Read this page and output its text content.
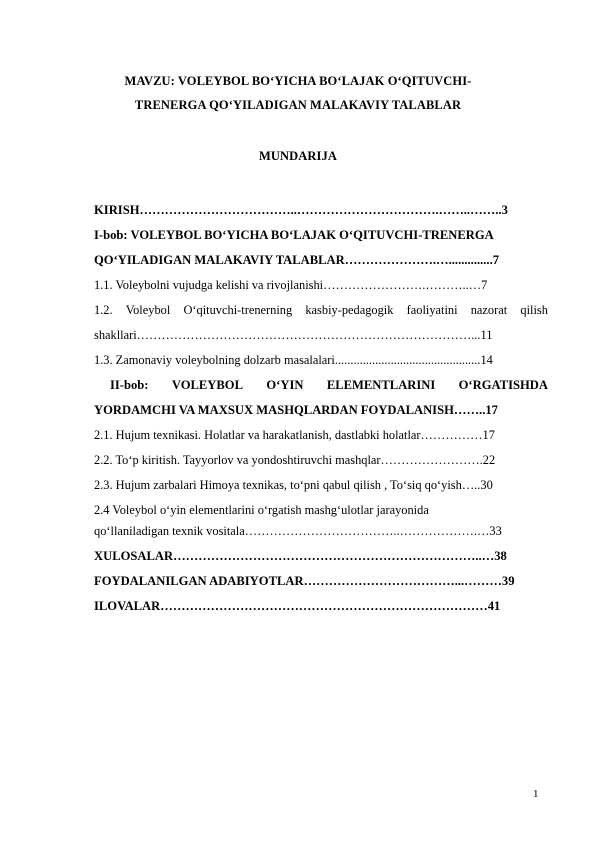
MAVZU: VOLEYBOL BO‘YICHA BO‘LAJAK O‘QITUVCHI-
TRENERGA QO‘YILADIGAN MALAKAVIY TALABLAR
MUNDARIJA
KIRISH………………………………..…………………………….……..……..3
I-bob: VOLEYBOL BO‘YICHA BO‘LAJAK O‘QITUVCHI-TRENERGA
QO‘YILADIGAN MALAKAVIY TALABLAR………………….…..............7
1.1. Voleybolni vujudga kelishi va rivojlanishi…………………….………..…7
1.2. Voleybol O‘qituvchi-trenerning kasbiy-pedagogik faoliyatini nazorat qilish
shakllari………………………………………………………………………...11
1.3. Zamonaviy voleybolning dolzarb masalalari...............................................14
II-bob: VOLEYBOL O‘YIN ELEMENTLARINI O‘RGATISHDA
YORDAMCHI VA MAXSUX MASHQLARDAN FOYDALANISH……..17
2.1. Hujum texnikasi. Holatlar va harakatlanish, dastlabki holatlar……………17
2.2. To‘p kiritish. Tayyorlov va yondoshtiruvchi mashqlar…………………….22
2.3. Hujum zarbalari Himoya texnikas, to‘pni qabul qilish , To‘siq qo‘yish…..30
2.4 Voleybol o‘yin elementlarini o‘rgatish mashg‘ulotlar jarayonida
qo‘llaniladigan texnik vositala………………………………..……………….…33
XULOSALAR………………………………………………………………..…38
FOYDALANILGAN ADABIYOTLAR………………………………...………39
ILOVALAR……………………………………………………………………41
1
